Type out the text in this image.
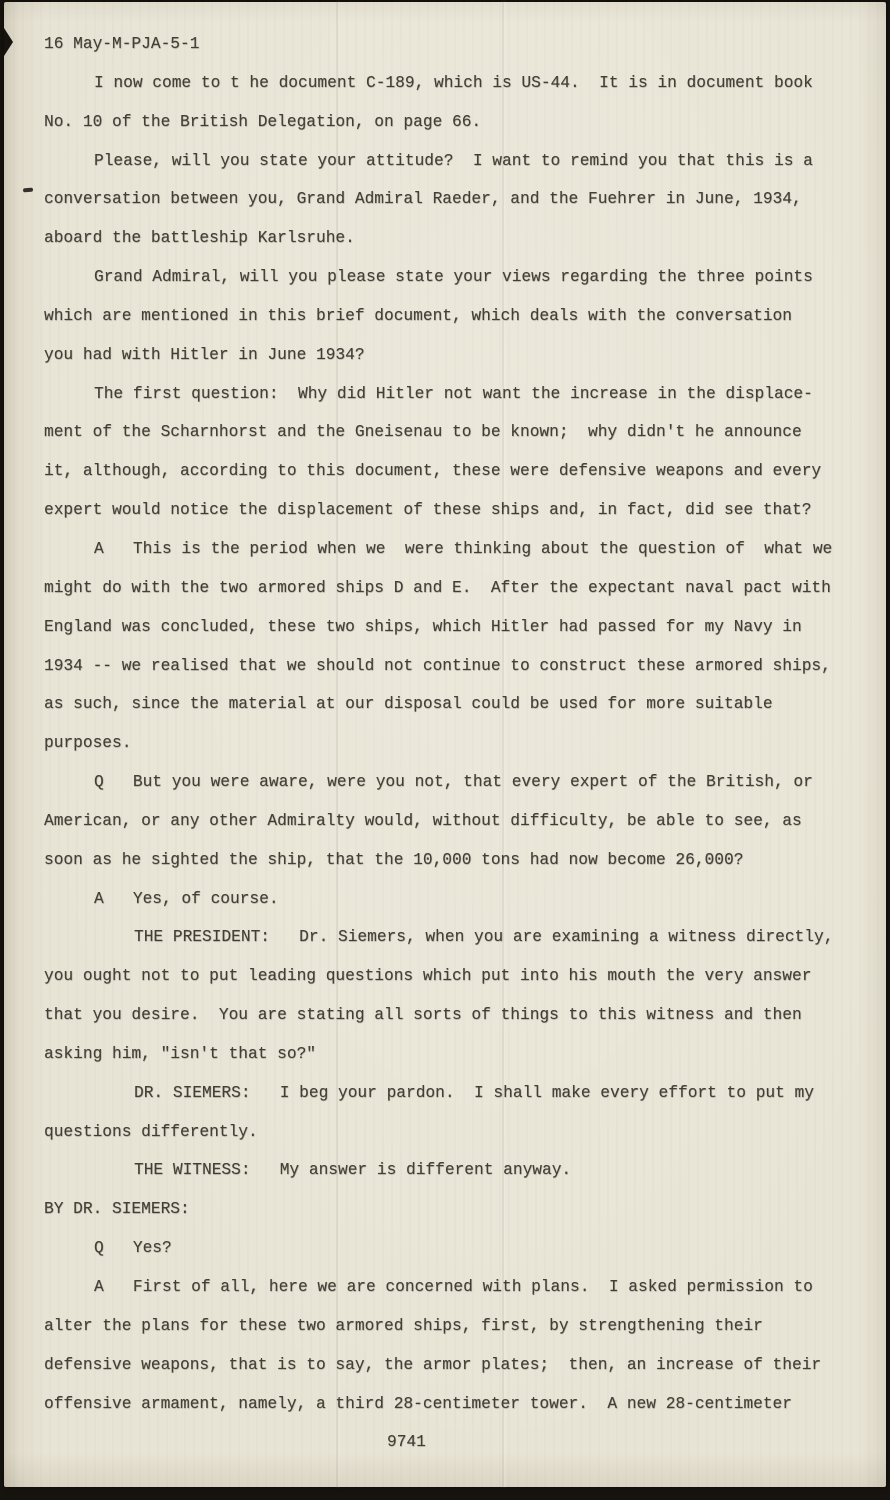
16 May-M-PJA-5-1
I now come to t he document C-189, which is US-44.  It is in document book
No. 10 of the British Delegation, on page 66.
Please, will you state your attitude?  I want to remind you that this is a
conversation between you, Grand Admiral Raeder, and the Fuehrer in June, 1934,
aboard the battleship Karlsruhe.
Grand Admiral, will you please state your views regarding the three points
which are mentioned in this brief document, which deals with the conversation
you had with Hitler in June 1934?
The first question:  Why did Hitler not want the increase in the displace-
ment of the Scharnhorst and the Gneisenau to be known;  why didn't he announce
it, although, according to this document, these were defensive weapons and every
expert would notice the displacement of these ships and, in fact, did see that?
A   This is the period when we  were thinking about the question of  what we
might do with the two armored ships D and E.  After the expectant naval pact with
England was concluded, these two ships, which Hitler had passed for my Navy in
1934 -- we realised that we should not continue to construct these armored ships,
as such, since the material at our disposal could be used for more suitable
purposes.
Q   But you were aware, were you not, that every expert of the British, or
American, or any other Admiralty would, without difficulty, be able to see, as
soon as he sighted the ship, that the 10,000 tons had now become 26,000?
A   Yes, of course.
THE PRESIDENT:   Dr. Siemers, when you are examining a witness directly,
you ought not to put leading questions which put into his mouth the very answer
that you desire.  You are stating all sorts of things to this witness and then
asking him, "isn't that so?"
DR. SIEMERS:   I beg your pardon.  I shall make every effort to put my
questions differently.
THE WITNESS:   My answer is different anyway.
BY DR. SIEMERS:
Q   Yes?
A   First of all, here we are concerned with plans.  I asked permission to
alter the plans for these two armored ships, first, by strengthening their
defensive weapons, that is to say, the armor plates;  then, an increase of their
offensive armament, namely, a third 28-centimeter tower.  A new 28-centimeter
9741
